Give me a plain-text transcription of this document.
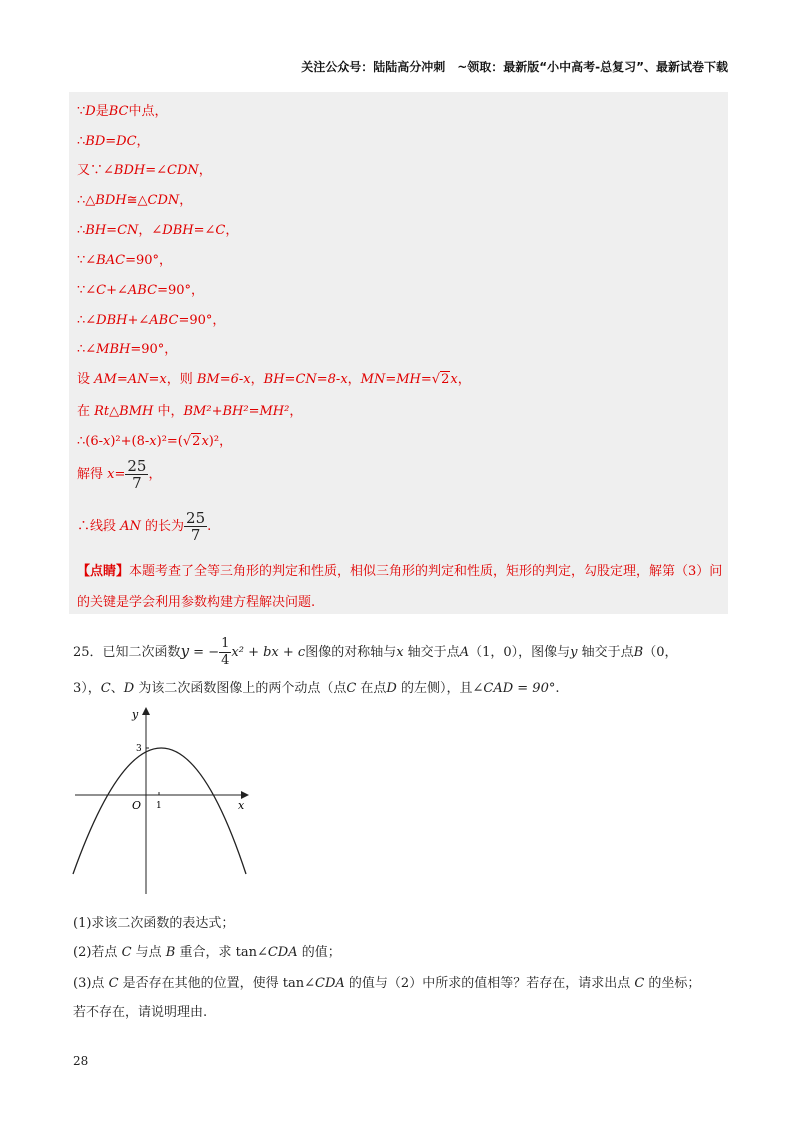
关注公众号：陆陆高分冲刺　~领取：最新版“小中高考-总复习”、最新试卷下载
∵D是BC中点，
∴BD=DC，
又∵∠BDH=∠CDN，
∴△BDH≅△CDN，
∴BH=CN，∠DBH=∠C，
∵∠BAC=90°，
∵∠C+∠ABC=90°，
∴∠DBH+∠ABC=90°，
∴∠MBH=90°，
设 AM=AN=x，则 BM=6-x，BH=CN=8-x，MN=MH=√2x，
在 Rt△BMH 中，BM²+BH²=MH²，
∴(6-x)²+(8-x)²=(√2x)²，
解得 $x= \frac{25}{7}$ ，
∴线段 AN 的长为 $\frac{25}{7}$ .
【点睛】本题考查了全等三角形的判定和性质，相似三角形的判定和性质，矩形的判定，勾股定理，解第（3）问的关键是学会利用参数构建方程解决问题.
25．已知二次函数y = − $\frac{1}{4} x^2$ + bx + c图像的对称轴与x 轴交于点A（1，0），图像与y 轴交于点B（0，
3），C、D 为该二次函数图像上的两个动点（点C 在点D 的左侧），且∠CAD = 90°.
y
x
O 1
3
(1)求该二次函数的表达式；
(2)若点 C 与点 B 重合，求 tan∠CDA 的值；
(3)点 C 是否存在其他的位置，使得 tan∠CDA 的值与（2）中所求的值相等？若存在，请求出点 C 的坐标；
若不存在，请说明理由.
28
